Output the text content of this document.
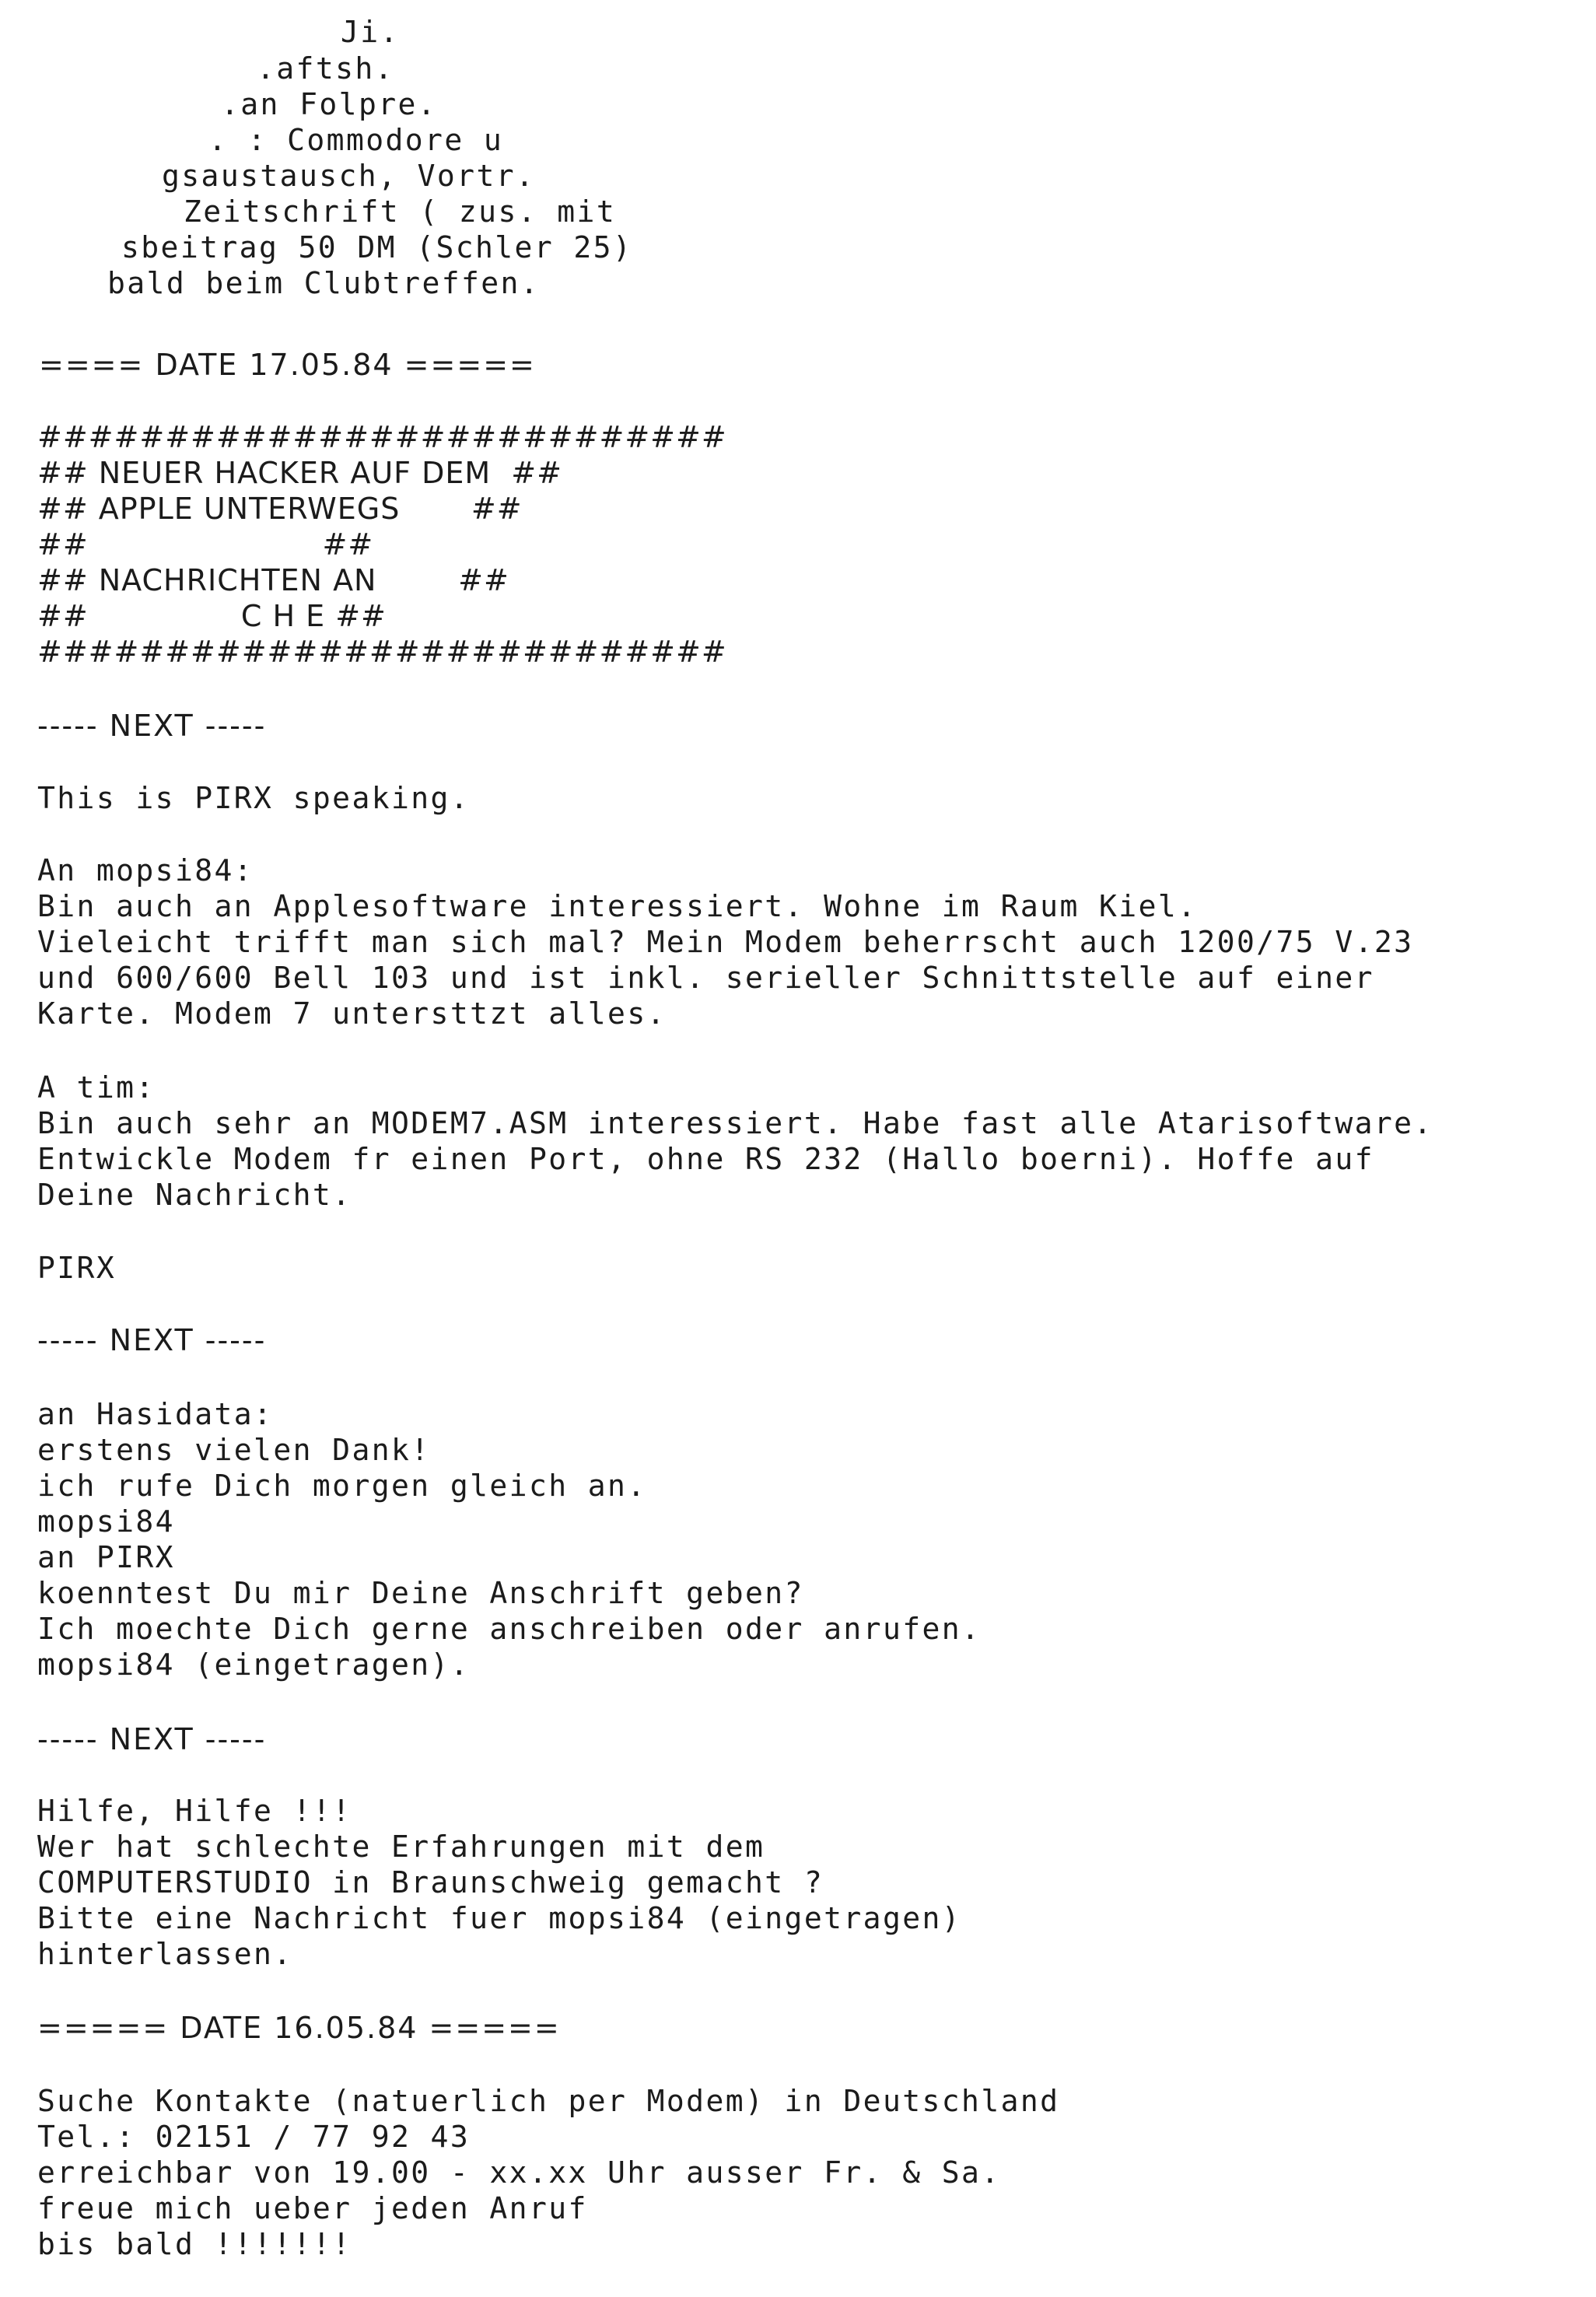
Ji.
.aftsh.
.an Folpre.
. : Commodore u
gsaustausch, Vortr.
Zeitschrift ( zus. mit
sbeitrag 50 DM (Schler 25)
bald beim Clubtreffen.
==== DATE 17.05.84 =====
###########################
## NEUER HACKER AUF DEM  ##
## APPLE UNTERWEGS       ##
##                       ##
## NACHRICHTEN AN        ##
##               C H E ##
###########################
----- NEXT -----
This is PIRX speaking.
An mopsi84:
Bin auch an Applesoftware interessiert. Wohne im Raum Kiel.
Vieleicht trifft man sich mal? Mein Modem beherrscht auch 1200/75 V.23
und 600/600 Bell 103 und ist inkl. serieller Schnittstelle auf einer
Karte. Modem 7 untersttzt alles.
A tim:
Bin auch sehr an MODEM7.ASM interessiert. Habe fast alle Atarisoftware.
Entwickle Modem fr einen Port, ohne RS 232 (Hallo boerni). Hoffe auf
Deine Nachricht.
PIRX
----- NEXT -----
an Hasidata:
erstens vielen Dank!
ich rufe Dich morgen gleich an.
mopsi84
an PIRX
koenntest Du mir Deine Anschrift geben?
Ich moechte Dich gerne anschreiben oder anrufen.
mopsi84 (eingetragen).
----- NEXT -----
Hilfe, Hilfe !!!
Wer hat schlechte Erfahrungen mit dem
COMPUTERSTUDIO in Braunschweig gemacht ?
Bitte eine Nachricht fuer mopsi84 (eingetragen)
hinterlassen.
===== DATE 16.05.84 =====
Suche Kontakte (natuerlich per Modem) in Deutschland
Tel.: 02151 / 77 92 43
erreichbar von 19.00 - xx.xx Uhr ausser Fr. & Sa.
freue mich ueber jeden Anruf
bis bald !!!!!!!
